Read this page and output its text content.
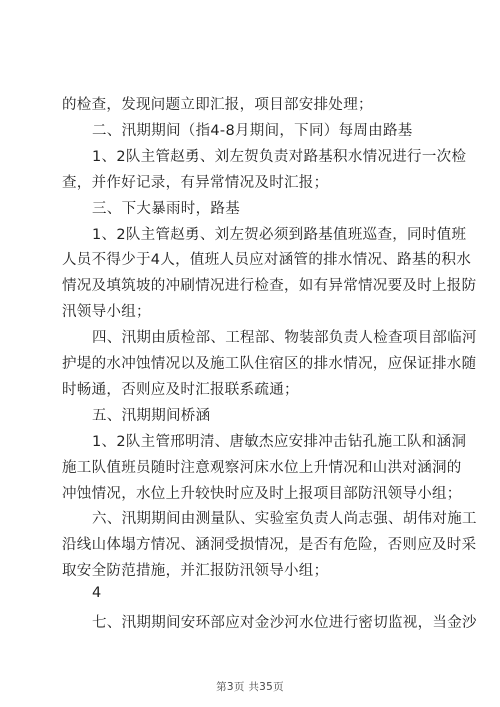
的检查，发现问题立即汇报，项目部安排处理；
二、汛期期间（指4-8月期间，下同）每周由路基
1、2队主管赵勇、刘左贺负责对路基积水情况进行一次检
查，并作好记录，有异常情况及时汇报；
三、下大暴雨时，路基
1、2队主管赵勇、刘左贺必须到路基值班巡查，同时值班
人员不得少于4人，值班人员应对涵管的排水情况、路基的积水
情况及填筑坡的冲刷情况进行检查，如有异常情况要及时上报防
汛领导小组；
四、汛期由质检部、工程部、物装部负责人检查项目部临河
护堤的水冲蚀情况以及施工队住宿区的排水情况，应保证排水随
时畅通，否则应及时汇报联系疏通；
五、汛期期间桥涵
1、2队主管邢明清、唐敏杰应安排冲击钻孔施工队和涵洞
施工队值班员随时注意观察河床水位上升情况和山洪对涵洞的
冲蚀情况，水位上升较快时应及时上报项目部防汛领导小组；
六、汛期期间由测量队、实验室负责人尚志强、胡伟对施工
沿线山体塌方情况、涵洞受损情况，是否有危险，否则应及时采
取安全防范措施，并汇报防汛领导小组；
4
七、汛期期间安环部应对金沙河水位进行密切监视，当金沙
第3页 共35页
